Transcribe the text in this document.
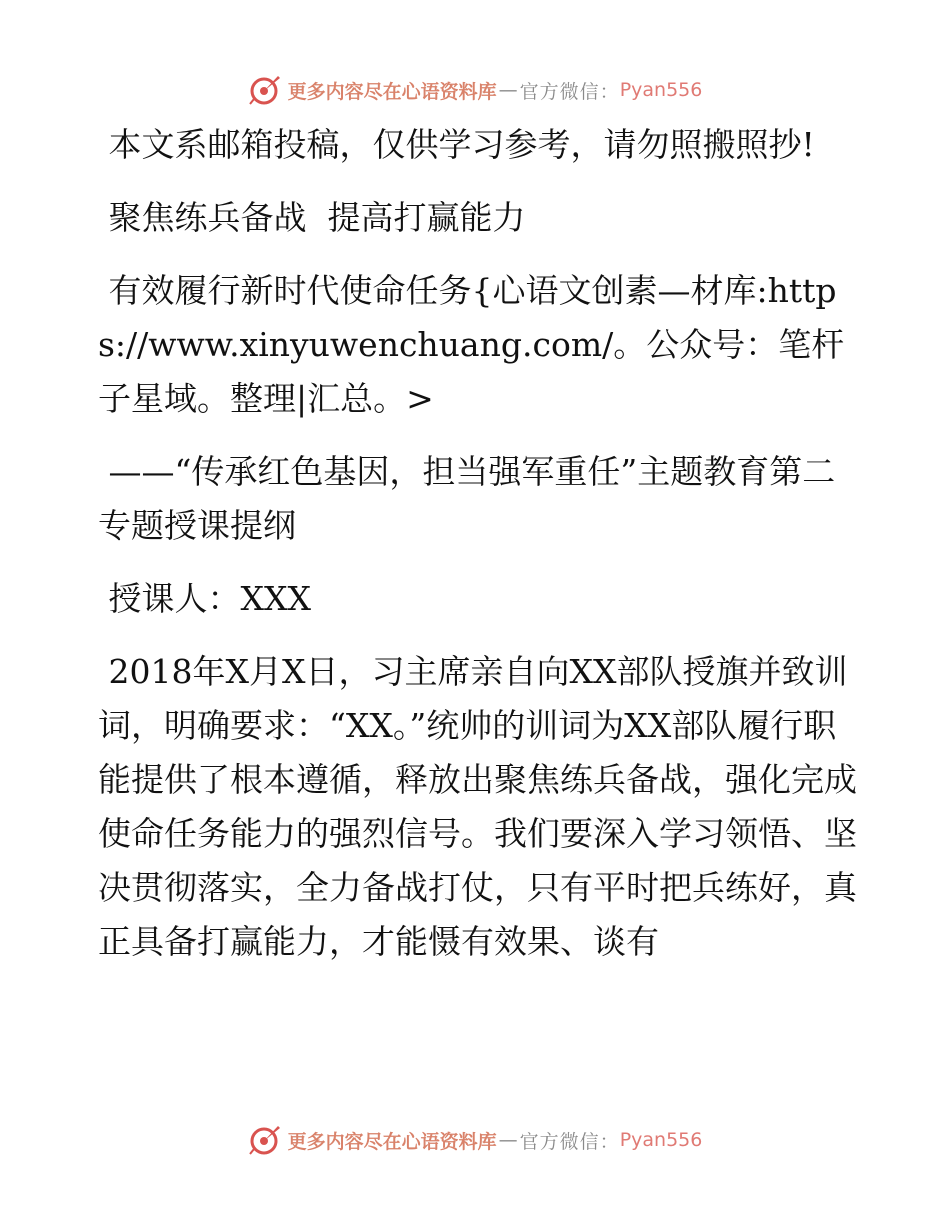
更多内容尽在心语资料库 — 官方微信： Pyan556

本文系邮箱投稿，仅供学习参考，请勿照搬照抄!

聚焦练兵备战  提高打赢能力

有效履行新时代使命任务{心语文创素—材库:https://www.xinyuwenchuang.com/。公众号：笔杆子星域。整理|汇总。>

——“传承红色基因，担当强军重任”主题教育第二专题授课提纲

授课人：XXX

2018年X月X日，习主席亲自向XX部队授旗并致训词，明确要求：“XX。”统帅的训词为XX部队履行职能提供了根本遵循，释放出聚焦练兵备战，强化完成使命任务能力的强烈信号。我们要深入学习领悟、坚决贯彻落实，全力备战打仗，只有平时把兵练好，真正具备打赢能力，才能慑有效果、谈有

更多内容尽在心语资料库 — 官方微信： Pyan556
